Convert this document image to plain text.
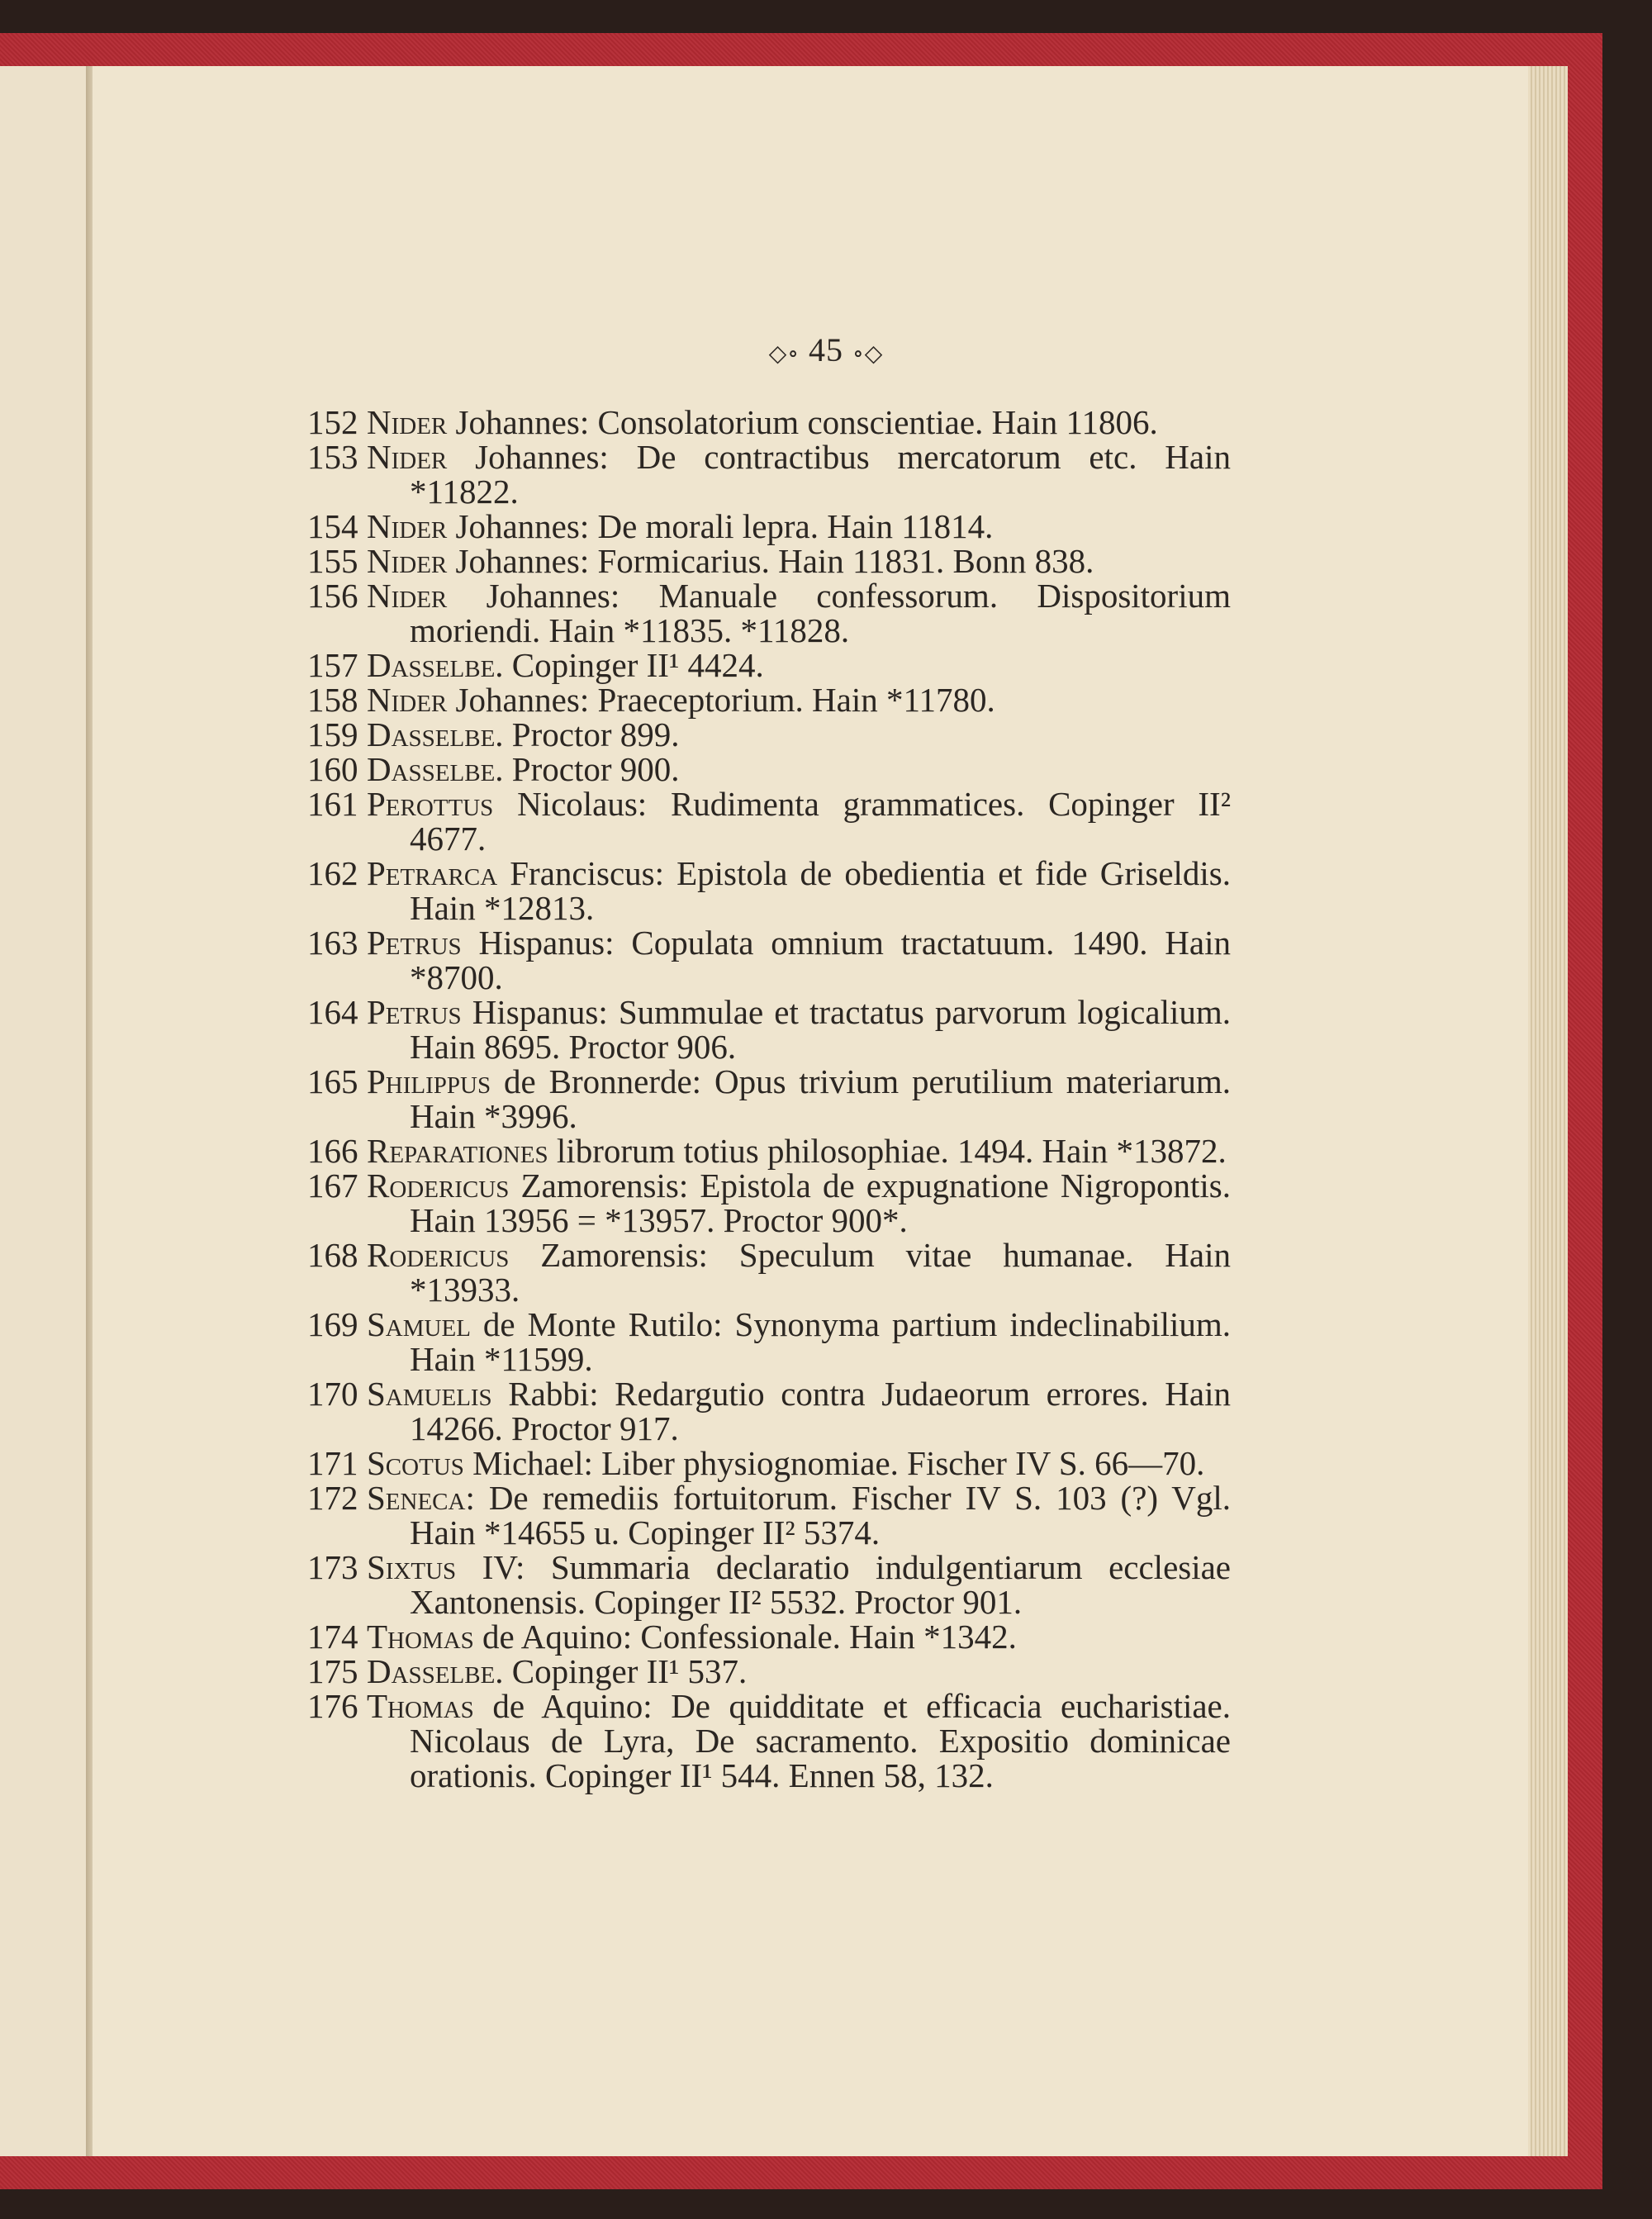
◇∘ 45 ∘◇
152 Nider Johannes: Consolatorium conscientiae. Hain 11806.
153 Nider Johannes: De contractibus mercatorum etc. Hain *11822.
154 Nider Johannes: De morali lepra. Hain 11814.
155 Nider Johannes: Formicarius. Hain 11831. Bonn 838.
156 Nider Johannes: Manuale confessorum. Dispositorium moriendi. Hain *11835. *11828.
157 Dasselbe. Copinger II¹ 4424.
158 Nider Johannes: Praeceptorium. Hain *11780.
159 Dasselbe. Proctor 899.
160 Dasselbe. Proctor 900.
161 Perottus Nicolaus: Rudimenta grammatices. Copinger II² 4677.
162 Petrarca Franciscus: Epistola de obedientia et fide Griseldis. Hain *12813.
163 Petrus Hispanus: Copulata omnium tractatuum. 1490. Hain *8700.
164 Petrus Hispanus: Summulae et tractatus parvorum logicalium. Hain 8695. Proctor 906.
165 Philippus de Bronnerde: Opus trivium perutilium materiarum. Hain *3996.
166 Reparationes librorum totius philosophiae. 1494. Hain *13872.
167 Rodericus Zamorensis: Epistola de expugnatione Nigropontis. Hain 13956 = *13957. Proctor 900*.
168 Rodericus Zamorensis: Speculum vitae humanae. Hain *13933.
169 Samuel de Monte Rutilo: Synonyma partium indeclinabilium. Hain *11599.
170 Samuelis Rabbi: Redargutio contra Judaeorum errores. Hain 14266. Proctor 917.
171 Scotus Michael: Liber physiognomiae. Fischer IV S. 66—70.
172 Seneca: De remediis fortuitorum. Fischer IV S. 103 (?) Vgl. Hain *14655 u. Copinger II² 5374.
173 Sixtus IV: Summaria declaratio indulgentiarum ecclesiae Xantonensis. Copinger II² 5532. Proctor 901.
174 Thomas de Aquino: Confessionale. Hain *1342.
175 Dasselbe. Copinger II¹ 537.
176 Thomas de Aquino: De quidditate et efficacia eucharistiae. Nicolaus de Lyra, De sacramento. Expositio dominicae orationis. Copinger II¹ 544. Ennen 58, 132.
